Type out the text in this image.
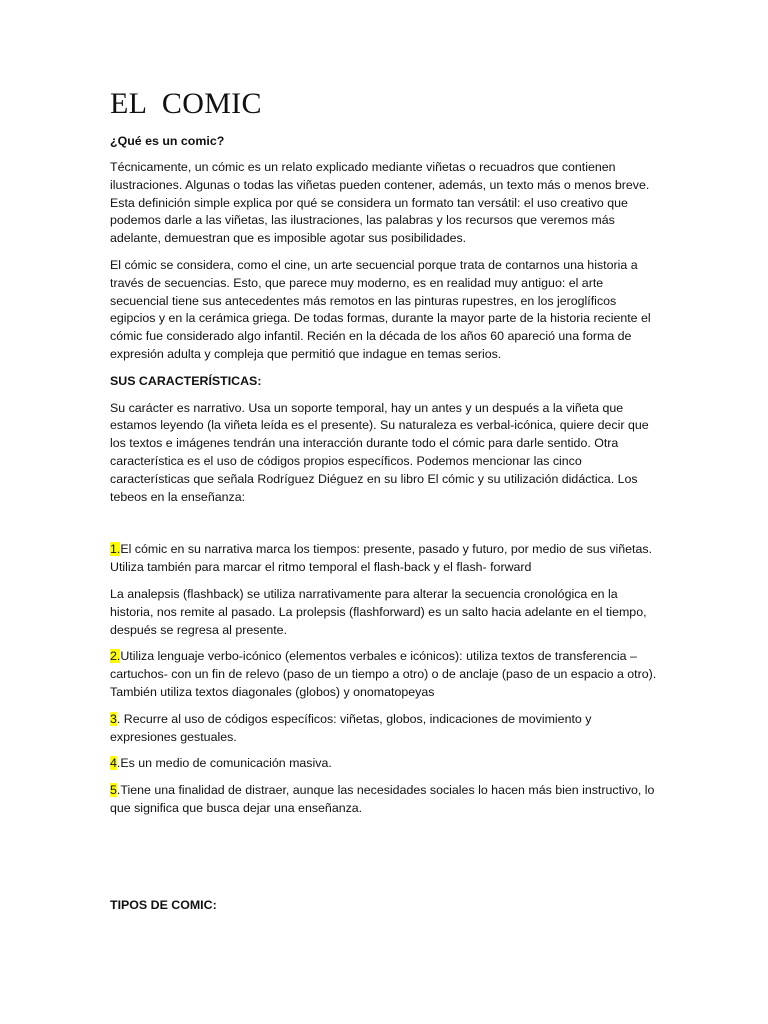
EL COMIC
¿Qué es un comic?

Técnicamente, un cómic es un relato explicado mediante viñetas o recuadros que contienen ilustraciones. Algunas o todas las viñetas pueden contener, además, un texto más o menos breve. Esta definición simple explica por qué se considera un formato tan versátil: el uso creativo que podemos darle a las viñetas, las ilustraciones, las palabras y los recursos que veremos más adelante, demuestran que es imposible agotar sus posibilidades.

El cómic se considera, como el cine, un arte secuencial porque trata de contarnos una historia a través de secuencias. Esto, que parece muy moderno, es en realidad muy antiguo: el arte secuencial tiene sus antecedentes más remotos en las pinturas rupestres, en los jeroglíficos egipcios y en la cerámica griega. De todas formas, durante la mayor parte de la historia reciente el cómic fue considerado algo infantil. Recién en la década de los años 60 apareció una forma de expresión adulta y compleja que permitió que indague en temas serios.

SUS CARACTERÍSTICAS:

Su carácter es narrativo. Usa un soporte temporal, hay un antes y un después a la viñeta que estamos leyendo (la viñeta leída es el presente). Su naturaleza es verbal-icónica, quiere decir que los textos e imágenes tendrán una interacción durante todo el cómic para darle sentido. Otra característica es el uso de códigos propios específicos. Podemos mencionar las cinco características que señala Rodríguez Diéguez en su libro El cómic y su utilización didáctica. Los tebeos en la enseñanza:

1.El cómic en su narrativa marca los tiempos: presente, pasado y futuro, por medio de sus viñetas. Utiliza también para marcar el ritmo temporal el flash-back y el flash- forward

La analepsis (flashback) se utiliza narrativamente para alterar la secuencia cronológica en la historia, nos remite al pasado. La prolepsis (flashforward) es un salto hacia adelante en el tiempo, después se regresa al presente.

2.Utiliza lenguaje verbo-icónico (elementos verbales e icónicos): utiliza textos de transferencia –cartuchos- con un fin de relevo (paso de un tiempo a otro) o de anclaje (paso de un espacio a otro). También utiliza textos diagonales (globos) y onomatopeyas

3. Recurre al uso de códigos específicos: viñetas, globos, indicaciones de movimiento y expresiones gestuales.

4.Es un medio de comunicación masiva.

5.Tiene una finalidad de distraer, aunque las necesidades sociales lo hacen más bien instructivo, lo que significa que busca dejar una enseñanza.

TIPOS DE COMIC:
